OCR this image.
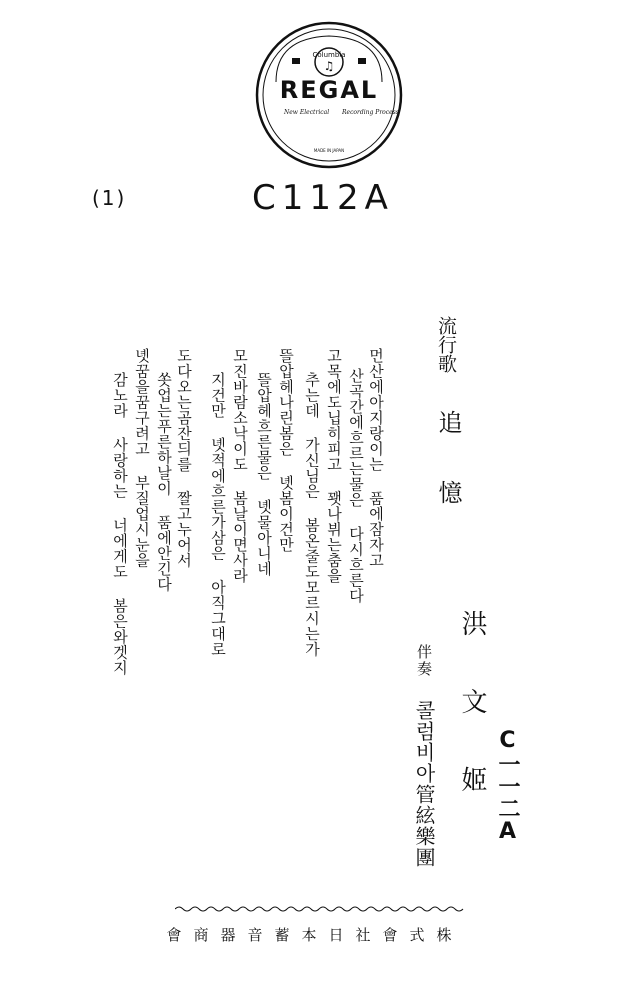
Columbia
♫
REGAL
New Electrical Recording Process
MADE IN JAPAN
(1)	C112A
流行歌
追憶
洪文姬
伴奏
콜럼비아管絃樂團	C一一二A
먼산에아지랑이는 품에잠자고
산곡간에흐르는물은 다시흐른다
고목에도닙히피고 꽷나뷔는춤을
추는데 가신님은 봄온줄도모르시는가
뜰압헤나린봄은 녯봄이건만
뜰압헤흐른물은 녯물아니네
모진바람소낙이도 봄날이면사라
지건만 녯적에흐른가삼은 아직그대로
도다오는곰잔듸를 짤고누어서
쏫업는푸른하날이 품에안긴다
녯꿈을꿈구려고 부질업시눈을
감노라 사랑하는 너에게도 봄은와겟지
會商器音蓄本日社會式株
